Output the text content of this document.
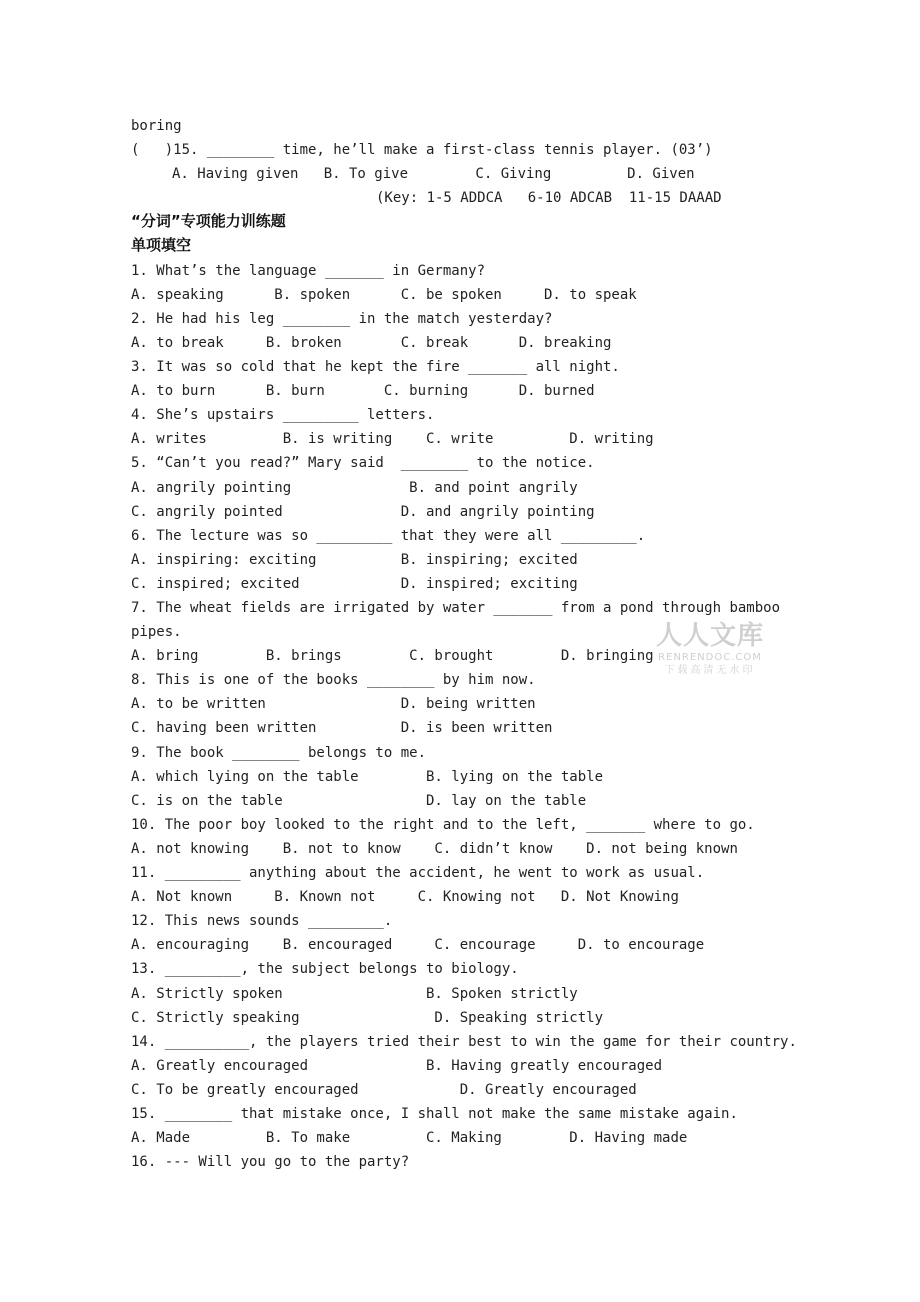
boring
(   )15. ________ time, he’ll make a first-class tennis player. (03’)
A. Having given   B. To give        C. Giving         D. Given
(Key: 1-5 ADDCA   6-10 ADCAB  11-15 DAAAD
“分词”专项能力训练题
单项填空
1. What’s the language _______ in Germany?
A. speaking      B. spoken      C. be spoken     D. to speak
2. He had his leg ________ in the match yesterday?
A. to break     B. broken       C. break      D. breaking
3. It was so cold that he kept the fire _______ all night.
A. to burn      B. burn       C. burning      D. burned
4. She’s upstairs _________ letters.
A. writes         B. is writing    C. write         D. writing
5. “Can’t you read?” Mary said  ________ to the notice.
A. angrily pointing              B. and point angrily
C. angrily pointed              D. and angrily pointing
6. The lecture was so _________ that they were all _________.
A. inspiring: exciting          B. inspiring; excited
C. inspired; excited            D. inspired; exciting
7. The wheat fields are irrigated by water _______ from a pond through bamboo
pipes.
A. bring        B. brings        C. brought        D. bringing
8. This is one of the books ________ by him now.
A. to be written                D. being written
C. having been written          D. is been written
9. The book ________ belongs to me.
A. which lying on the table        B. lying on the table
C. is on the table                 D. lay on the table
10. The poor boy looked to the right and to the left, _______ where to go.
A. not knowing    B. not to know    C. didn’t know    D. not being known
11. _________ anything about the accident, he went to work as usual.
A. Not known     B. Known not     C. Knowing not   D. Not Knowing
12. This news sounds _________.
A. encouraging    B. encouraged     C. encourage     D. to encourage
13. _________, the subject belongs to biology.
A. Strictly spoken                 B. Spoken strictly
C. Strictly speaking                D. Speaking strictly
14. __________, the players tried their best to win the game for their country.
A. Greatly encouraged              B. Having greatly encouraged
C. To be greatly encouraged            D. Greatly encouraged
15. ________ that mistake once, I shall not make the same mistake again.
A. Made         B. To make         C. Making        D. Having made
16. --- Will you go to the party?
人人文库
RENRENDOC.COM
下载高清无水印
